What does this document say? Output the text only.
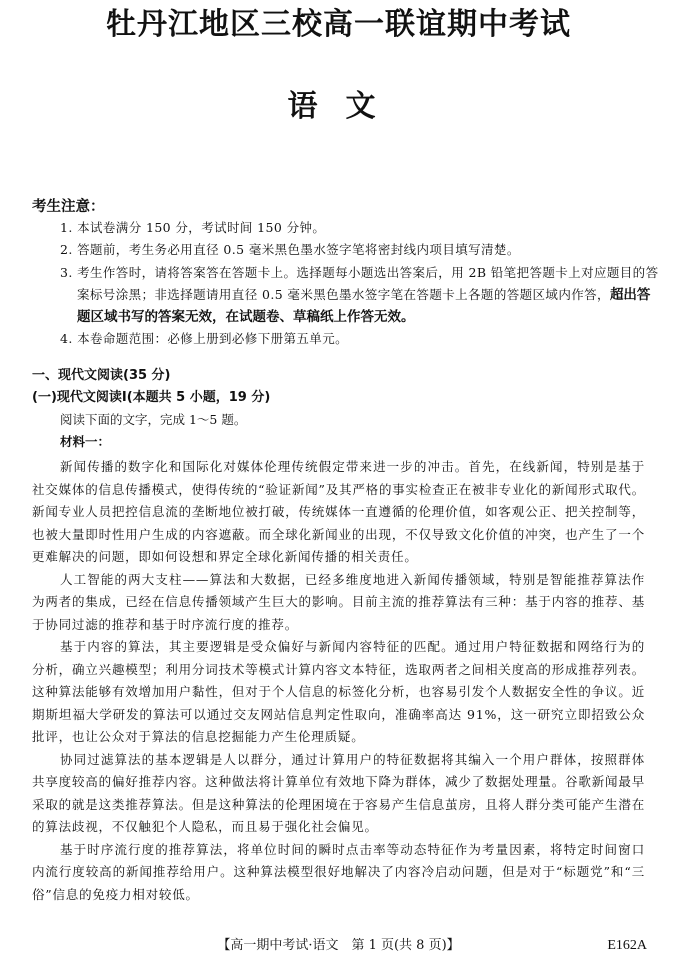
牡丹江地区三校高一联谊期中考试
语文
考生注意：
1. 本试卷满分 150 分，考试时间 150 分钟。
2. 答题前，考生务必用直径 0.5 毫米黑色墨水签字笔将密封线内项目填写清楚。
3. 考生作答时，请将答案答在答题卡上。选择题每小题选出答案后，用 2B 铅笔把答题卡上对应题目的答案标号涂黑；非选择题请用直径 0.5 毫米黑色墨水签字笔在答题卡上各题的答题区域内作答，超出答题区域书写的答案无效，在试题卷、草稿纸上作答无效。
4. 本卷命题范围：必修上册到必修下册第五单元。
一、现代文阅读(35 分)
(一)现代文阅读Ⅰ(本题共 5 小题，19 分)
阅读下面的文字，完成 1～5 题。
材料一：

新闻传播的数字化和国际化对媒体伦理传统假定带来进一步的冲击。首先，在线新闻，特别是基于社交媒体的信息传播模式，使得传统的“验证新闻”及其严格的事实检查正在被非专业化的新闻形式取代。新闻专业人员把控信息流的垄断地位被打破，传统媒体一直遵循的伦理价值，如客观公正、把关控制等，也被大量即时性用户生成的内容遮蔽。而全球化新闻业的出现，不仅导致文化价值的冲突，也产生了一个更难解决的问题，即如何设想和界定全球化新闻传播的相关责任。

人工智能的两大支柱——算法和大数据，已经多维度地进入新闻传播领域，特别是智能推荐算法作为两者的集成，已经在信息传播领域产生巨大的影响。目前主流的推荐算法有三种：基于内容的推荐、基于协同过滤的推荐和基于时序流行度的推荐。

基于内容的算法，其主要逻辑是受众偏好与新闻内容特征的匹配。通过用户特征数据和网络行为的分析，确立兴趣模型；利用分词技术等模式计算内容文本特征，选取两者之间相关度高的形成推荐列表。这种算法能够有效增加用户黏性，但对于个人信息的标签化分析，也容易引发个人数据安全性的争议。近期斯坦福大学研发的算法可以通过交友网站信息判定性取向，准确率高达 91%，这一研究立即招致公众批评，也让公众对于算法的信息挖掘能力产生伦理质疑。

协同过滤算法的基本逻辑是人以群分，通过计算用户的特征数据将其编入一个用户群体，按照群体共享度较高的偏好推荐内容。这种做法将计算单位有效地下降为群体，减少了数据处理量。谷歌新闻最早采取的就是这类推荐算法。但是这种算法的伦理困境在于容易产生信息茧房，且将人群分类可能产生潜在的算法歧视，不仅触犯个人隐私，而且易于强化社会偏见。

基于时序流行度的推荐算法，将单位时间的瞬时点击率等动态特征作为考量因素，将特定时间窗口内流行度较高的新闻推荐给用户。这种算法模型很好地解决了内容冷启动问题，但是对于“标题党”和“三俗”信息的免疫力相对较低。

【高一期中考试·语文　第 1 页(共 8 页)】	E162A
